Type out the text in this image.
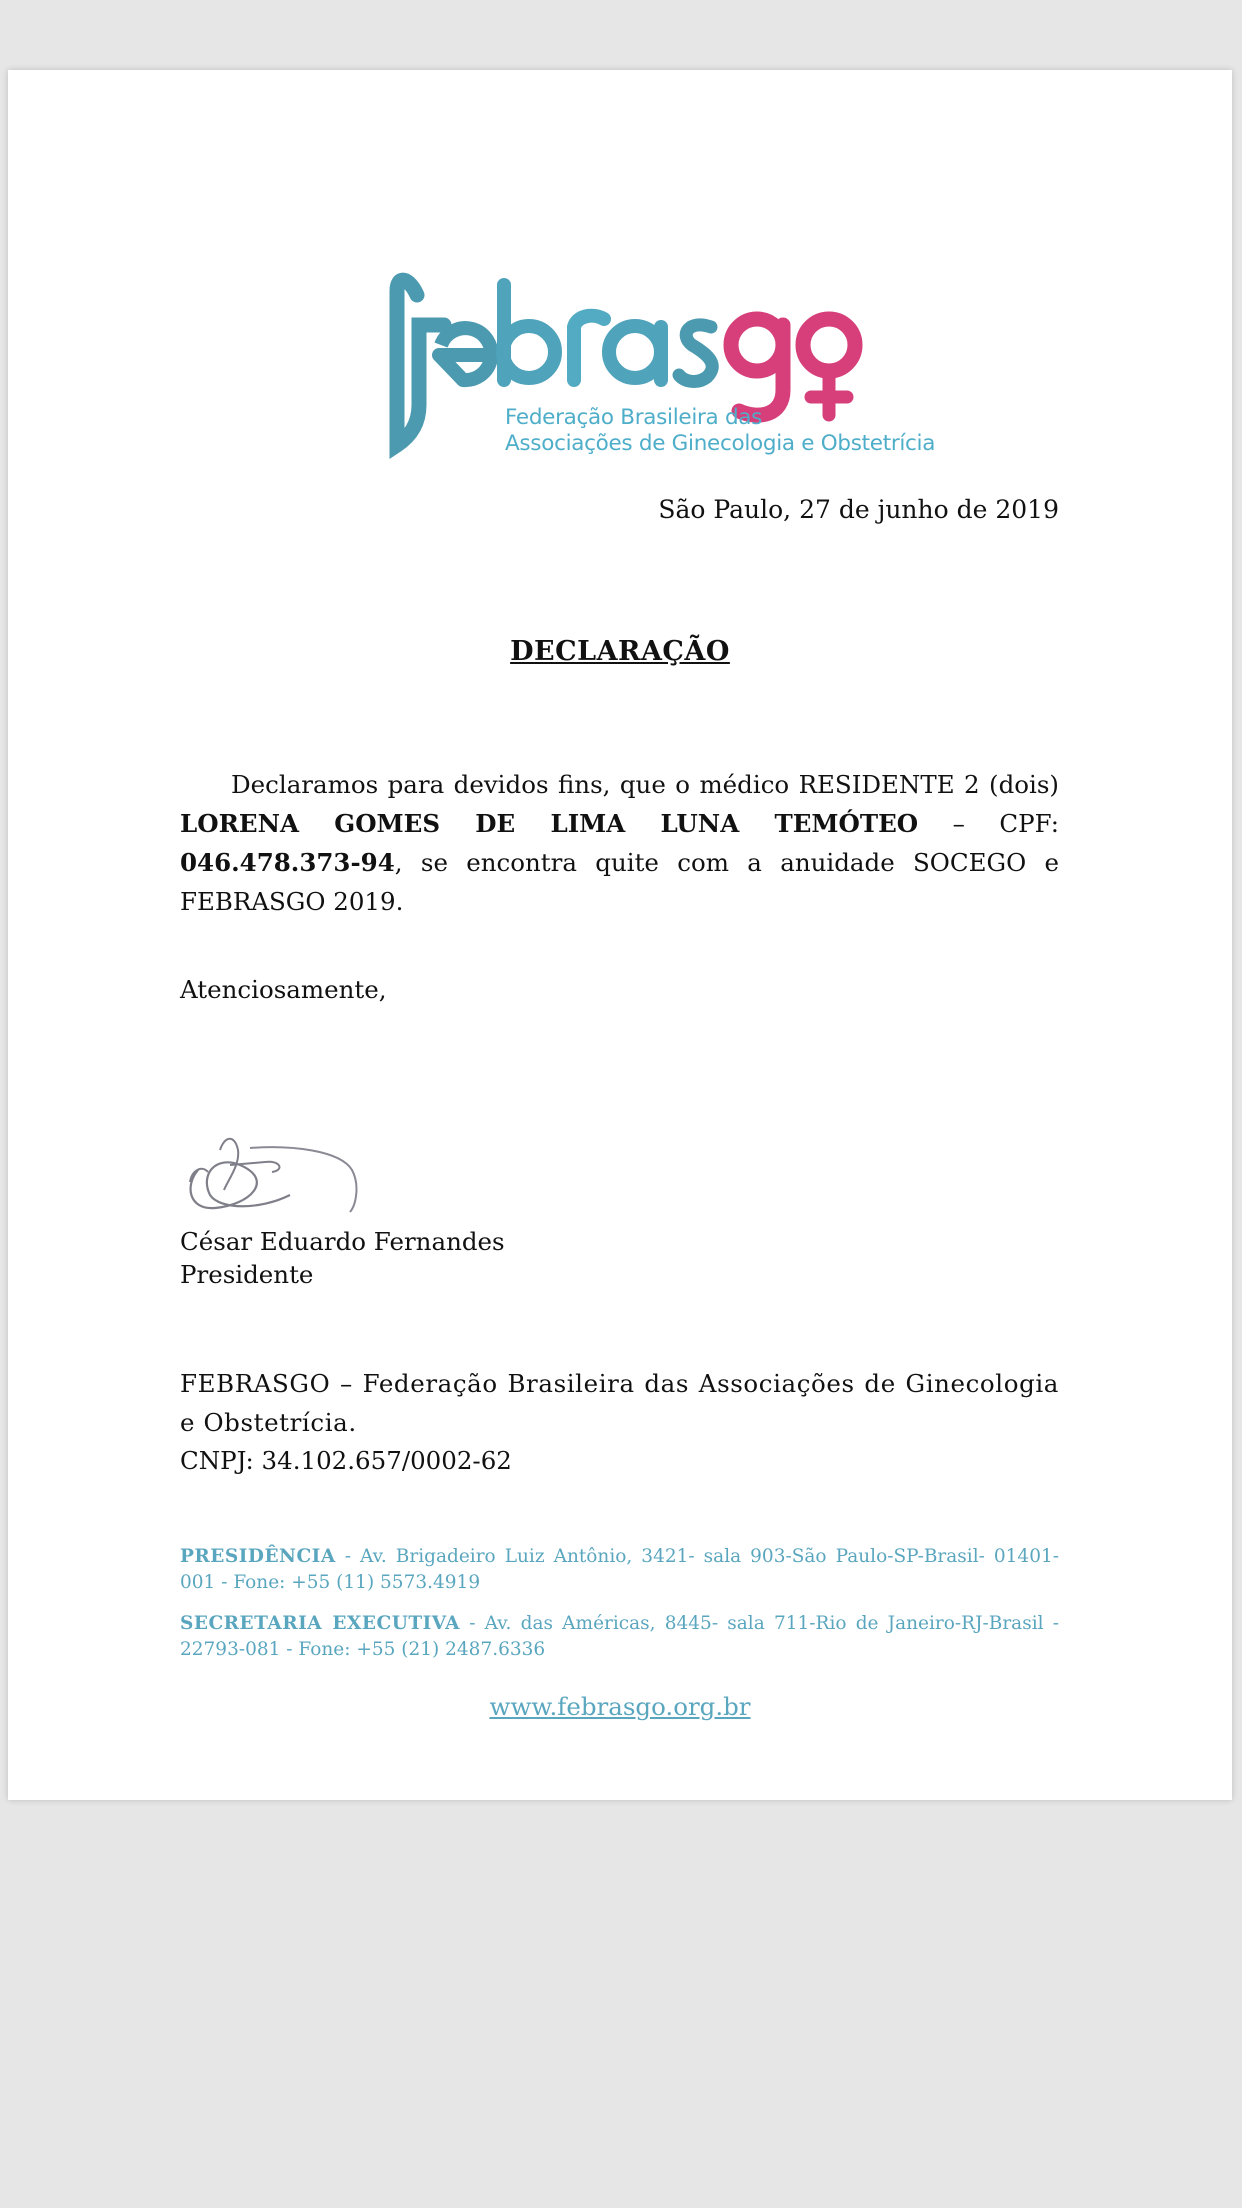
Federação Brasileira das
Associações de Ginecologia e Obstetrícia
São Paulo, 27 de junho de 2019
DECLARAÇÃO
Declaramos para devidos fins, que o médico RESIDENTE 2 (dois) LORENA GOMES DE LIMA LUNA TEMÓTEO – CPF: 046.478.373-94, se encontra quite com a anuidade SOCEGO e FEBRASGO 2019.
Atenciosamente,
César Eduardo Fernandes
Presidente
FEBRASGO – Federação Brasileira das Associações de Ginecologia e Obstetrícia.
CNPJ: 34.102.657/0002-62
PRESIDÊNCIA - Av. Brigadeiro Luiz Antônio, 3421- sala 903-São Paulo-SP-Brasil- 01401-001 - Fone: +55 (11) 5573.4919
SECRETARIA EXECUTIVA - Av. das Américas, 8445- sala 711-Rio de Janeiro-RJ-Brasil - 22793-081 - Fone: +55 (21) 2487.6336
www.febrasgo.org.br
